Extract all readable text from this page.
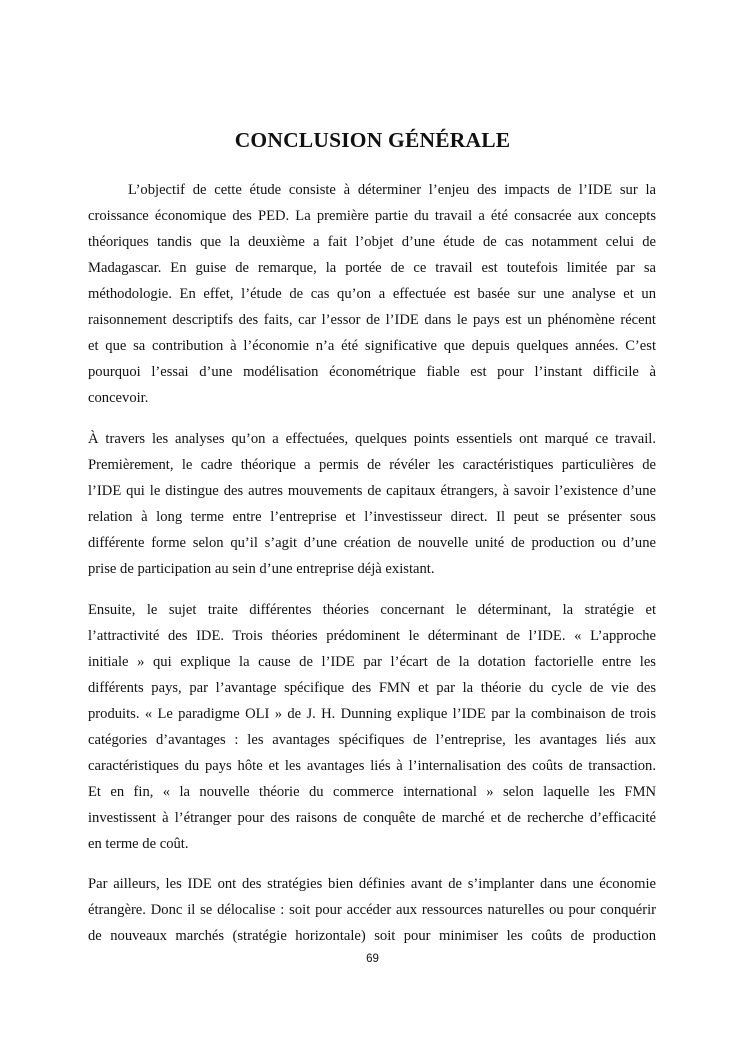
CONCLUSION GÉNÉRALE
L’objectif de cette étude consiste à déterminer l’enjeu des impacts de l’IDE sur la
croissance économique des PED. La première partie du travail a été consacrée aux concepts
théoriques tandis que la deuxième a fait l’objet d’une étude de cas notamment celui de
Madagascar. En guise de remarque, la portée de ce travail est toutefois limitée par sa
méthodologie. En effet, l’étude de cas qu’on a effectuée est basée sur une analyse et un
raisonnement descriptifs des faits, car l’essor de l’IDE dans le pays est un phénomène récent
et que sa contribution à l’économie n’a été significative que depuis quelques années. C’est
pourquoi l’essai d’une modélisation économétrique fiable est pour l’instant difficile à
concevoir.
À travers les analyses qu’on a effectuées, quelques points essentiels ont marqué ce travail.
Premièrement, le cadre théorique a permis de révéler les caractéristiques particulières de
l’IDE qui le distingue des autres mouvements de capitaux étrangers, à savoir l’existence d’une
relation à long terme entre l’entreprise et l’investisseur direct. Il peut se présenter sous
différente forme selon qu’il s’agit d’une création de nouvelle unité de production ou d’une
prise de participation au sein d’une entreprise déjà existant.
Ensuite, le sujet traite différentes théories concernant le déterminant, la stratégie et
l’attractivité des IDE. Trois théories prédominent le déterminant de l’IDE. « L’approche
initiale » qui explique la cause de l’IDE par l’écart de la dotation factorielle entre les
différents pays, par l’avantage spécifique des FMN et par la théorie du cycle de vie des
produits. « Le paradigme OLI » de J. H. Dunning explique l’IDE par la combinaison de trois
catégories d’avantages : les avantages spécifiques de l’entreprise, les avantages liés aux
caractéristiques du pays hôte et les avantages liés à l’internalisation des coûts de transaction.
Et en fin, « la nouvelle théorie du commerce international » selon laquelle les FMN
investissent à l’étranger pour des raisons de conquête de marché et de recherche d’efficacité
en terme de coût.
Par ailleurs, les IDE ont des stratégies bien définies avant de s’implanter dans une économie
étrangère. Donc il se délocalise : soit pour accéder aux ressources naturelles ou pour conquérir
de nouveaux marchés (stratégie horizontale) soit pour minimiser les coûts de production
69
